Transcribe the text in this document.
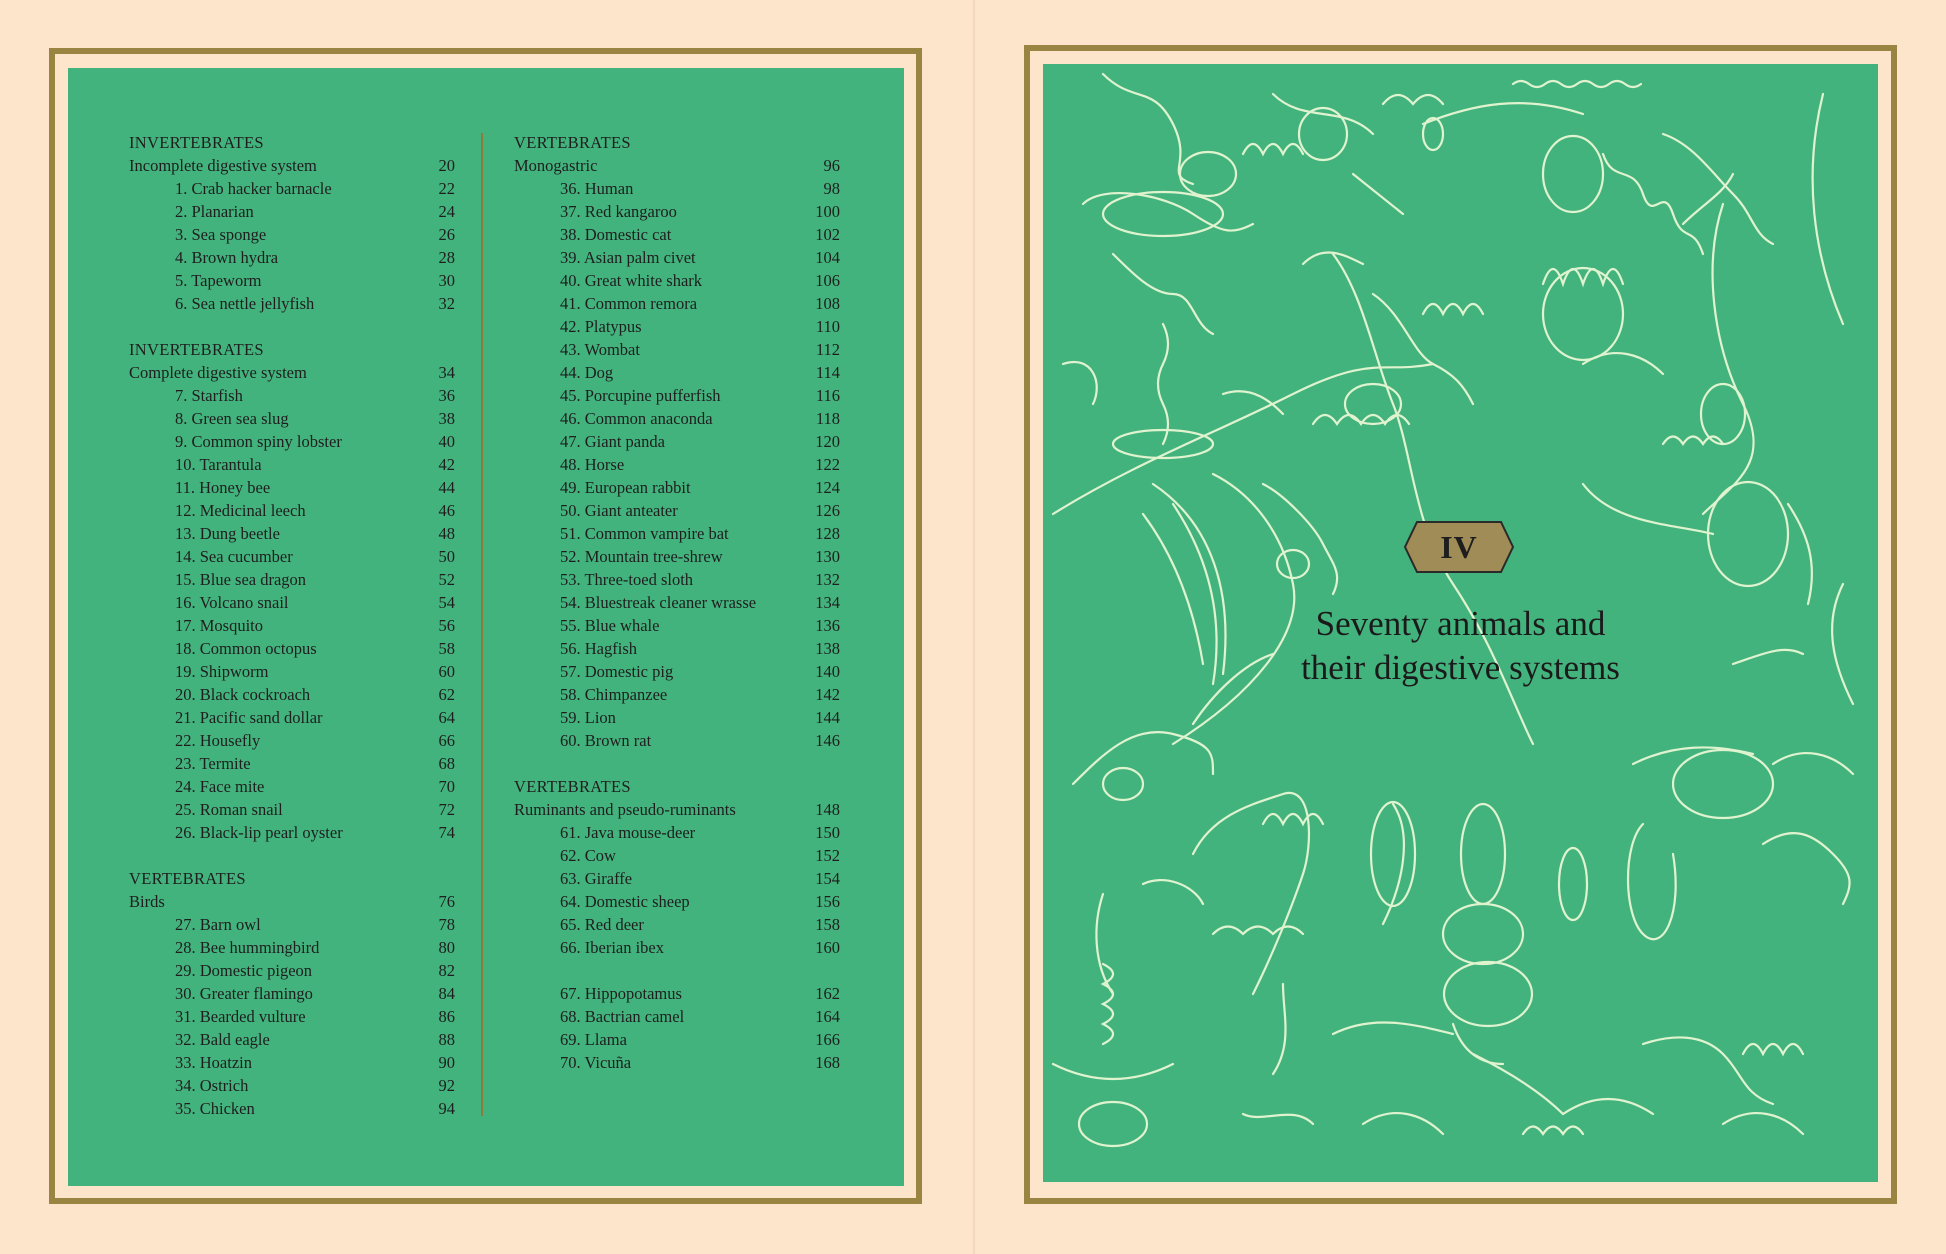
INVERTEBRATES
Incomplete digestive system	20
1. Crab hacker barnacle	22
2. Planarian	24
3. Sea sponge	26
4. Brown hydra	28
5. Tapeworm	30
6. Sea nettle jellyfish	32
INVERTEBRATES
Complete digestive system	34
7. Starfish	36
8. Green sea slug	38
9. Common spiny lobster	40
10. Tarantula	42
11. Honey bee	44
12. Medicinal leech	46
13. Dung beetle	48
14. Sea cucumber	50
15. Blue sea dragon	52
16. Volcano snail	54
17. Mosquito	56
18. Common octopus	58
19. Shipworm	60
20. Black cockroach	62
21. Pacific sand dollar	64
22. Housefly	66
23. Termite	68
24. Face mite	70
25. Roman snail	72
26. Black-lip pearl oyster	74
VERTEBRATES
Birds	76
27. Barn owl	78
28. Bee hummingbird	80
29. Domestic pigeon	82
30. Greater flamingo	84
31. Bearded vulture	86
32. Bald eagle	88
33. Hoatzin	90
34. Ostrich	92
35. Chicken	94
VERTEBRATES
Monogastric	96
36. Human	98
37. Red kangaroo	100
38. Domestic cat	102
39. Asian palm civet	104
40. Great white shark	106
41. Common remora	108
42. Platypus	110
43. Wombat	112
44. Dog	114
45. Porcupine pufferfish	116
46. Common anaconda	118
47. Giant panda	120
48. Horse	122
49. European rabbit	124
50. Giant anteater	126
51. Common vampire bat	128
52. Mountain tree-shrew	130
53. Three-toed sloth	132
54. Bluestreak cleaner wrasse	134
55. Blue whale	136
56. Hagfish	138
57. Domestic pig	140
58. Chimpanzee	142
59. Lion	144
60. Brown rat	146
VERTEBRATES
Ruminants and pseudo-ruminants	148
61. Java mouse-deer	150
62. Cow	152
63. Giraffe	154
64. Domestic sheep	156
65. Red deer	158
66. Iberian ibex	160
67. Hippopotamus	162
68. Bactrian camel	164
69. Llama	166
70. Vicuña	168
IV
Seventy animals and
their digestive systems
